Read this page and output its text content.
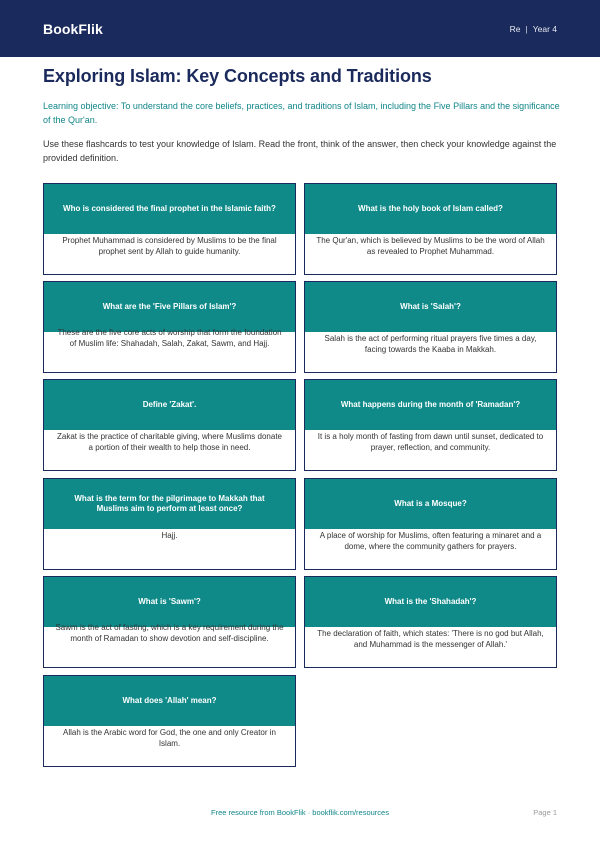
BookFlik	Re | Year 4
Exploring Islam: Key Concepts and Traditions

Learning objective: To understand the core beliefs, practices, and traditions of Islam, including the Five Pillars and the significance of the Qur'an.

Use these flashcards to test your knowledge of Islam. Read the front, think of the answer, then check your knowledge against the provided definition.

Who is considered the final prophet in the Islamic faith?
Prophet Muhammad is considered by Muslims to be the final prophet sent by Allah to guide humanity.
What is the holy book of Islam called?
The Qur'an, which is believed by Muslims to be the word of Allah as revealed to Prophet Muhammad.
What are the 'Five Pillars of Islam'?
These are the five core acts of worship that form the foundation of Muslim life: Shahadah, Salah, Zakat, Sawm, and Hajj.
What is 'Salah'?
Salah is the act of performing ritual prayers five times a day, facing towards the Kaaba in Makkah.
Define 'Zakat'.
Zakat is the practice of charitable giving, where Muslims donate a portion of their wealth to help those in need.
What happens during the month of 'Ramadan'?
It is a holy month of fasting from dawn until sunset, dedicated to prayer, reflection, and community.
What is the term for the pilgrimage to Makkah that Muslims aim to perform at least once?
Hajj.
What is a Mosque?
A place of worship for Muslims, often featuring a minaret and a dome, where the community gathers for prayers.
What is 'Sawm'?
Sawm is the act of fasting, which is a key requirement during the month of Ramadan to show devotion and self-discipline.
What is the 'Shahadah'?
The declaration of faith, which states: 'There is no god but Allah, and Muhammad is the messenger of Allah.'
What does 'Allah' mean?
Allah is the Arabic word for God, the one and only Creator in Islam.
Free resource from BookFlik · bookflik.com/resources	Page 1
